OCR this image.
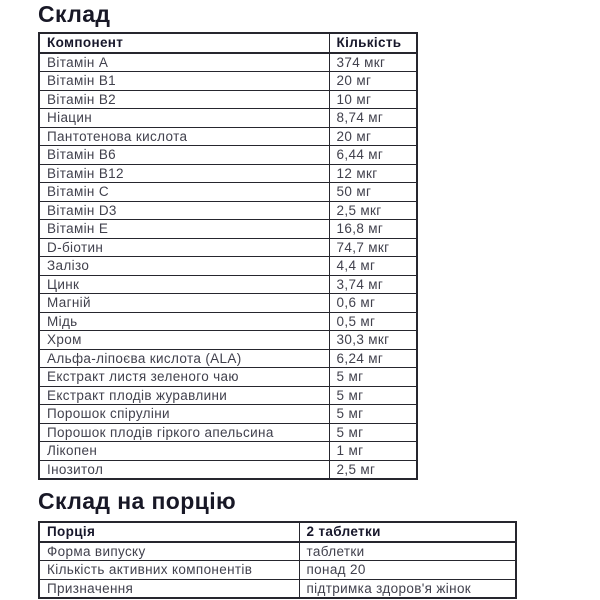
Склад
Компонент	Кількість
Вітамін А	374 мкг
Вітамін B1	20 мг
Вітамін B2	10 мг
Ніацин	8,74 мг
Пантотенова кислота	20 мг
Вітамін B6	6,44 мг
Вітамін B12	12 мкг
Вітамін C	50 мг
Вітамін D3	2,5 мкг
Вітамін E	16,8 мг
D-біотин	74,7 мкг
Залізо	4,4 мг
Цинк	3,74 мг
Магній	0,6 мг
Мідь	0,5 мг
Хром	30,3 мкг
Альфа-ліпоєва кислота (ALA)	6,24 мг
Екстракт листя зеленого чаю	5 мг
Екстракт плодів журавлини	5 мг
Порошок спіруліни	5 мг
Порошок плодів гіркого апельсина	5 мг
Лікопен	1 мг
Інозитол	2,5 мг
Склад на порцію
Порція	2 таблетки
Форма випуску	таблетки
Кількість активних компонентів	понад 20
Призначення	підтримка здоров'я жінок
